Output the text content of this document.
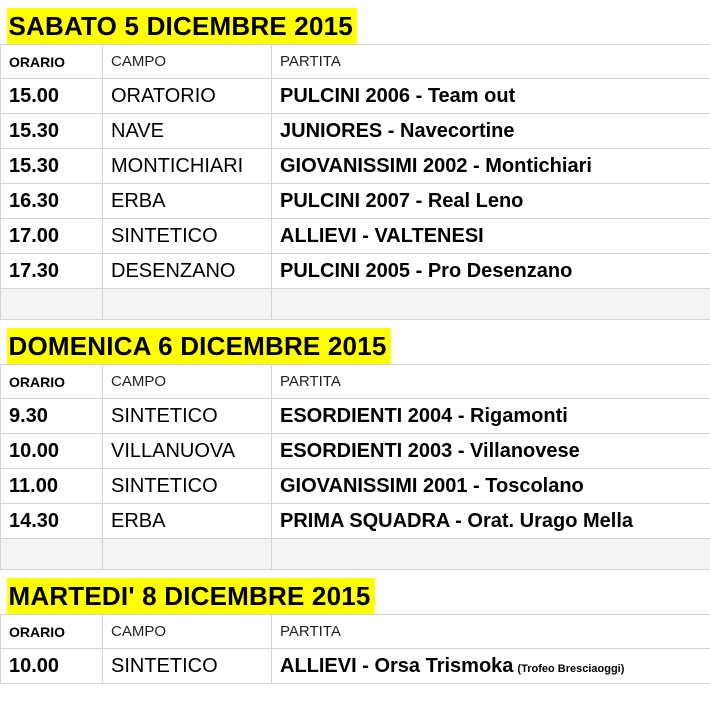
SABATO 5 DICEMBRE 2015		
ORARIO	CAMPO	PARTITA
15.00	ORATORIO	PULCINI 2006 - Team out
15.30	NAVE	JUNIORES - Navecortine
15.30	MONTICHIARI	GIOVANISSIMI 2002 - Montichiari
16.30	ERBA	PULCINI 2007 - Real Leno
17.00	SINTETICO	ALLIEVI - VALTENESI
17.30	DESENZANO	PULCINI 2005 - Pro Desenzano

DOMENICA 6 DICEMBRE 2015		
ORARIO	CAMPO	PARTITA
9.30	SINTETICO	ESORDIENTI 2004 - Rigamonti
10.00	VILLANUOVA	ESORDIENTI 2003 - Villanovese
11.00	SINTETICO	GIOVANISSIMI 2001 - Toscolano
14.30	ERBA	PRIMA SQUADRA - Orat. Urago Mella

MARTEDI' 8 DICEMBRE 2015		
ORARIO	CAMPO	PARTITA
10.00	SINTETICO	ALLIEVI - Orsa Trismoka (Trofeo Bresciaoggi)
